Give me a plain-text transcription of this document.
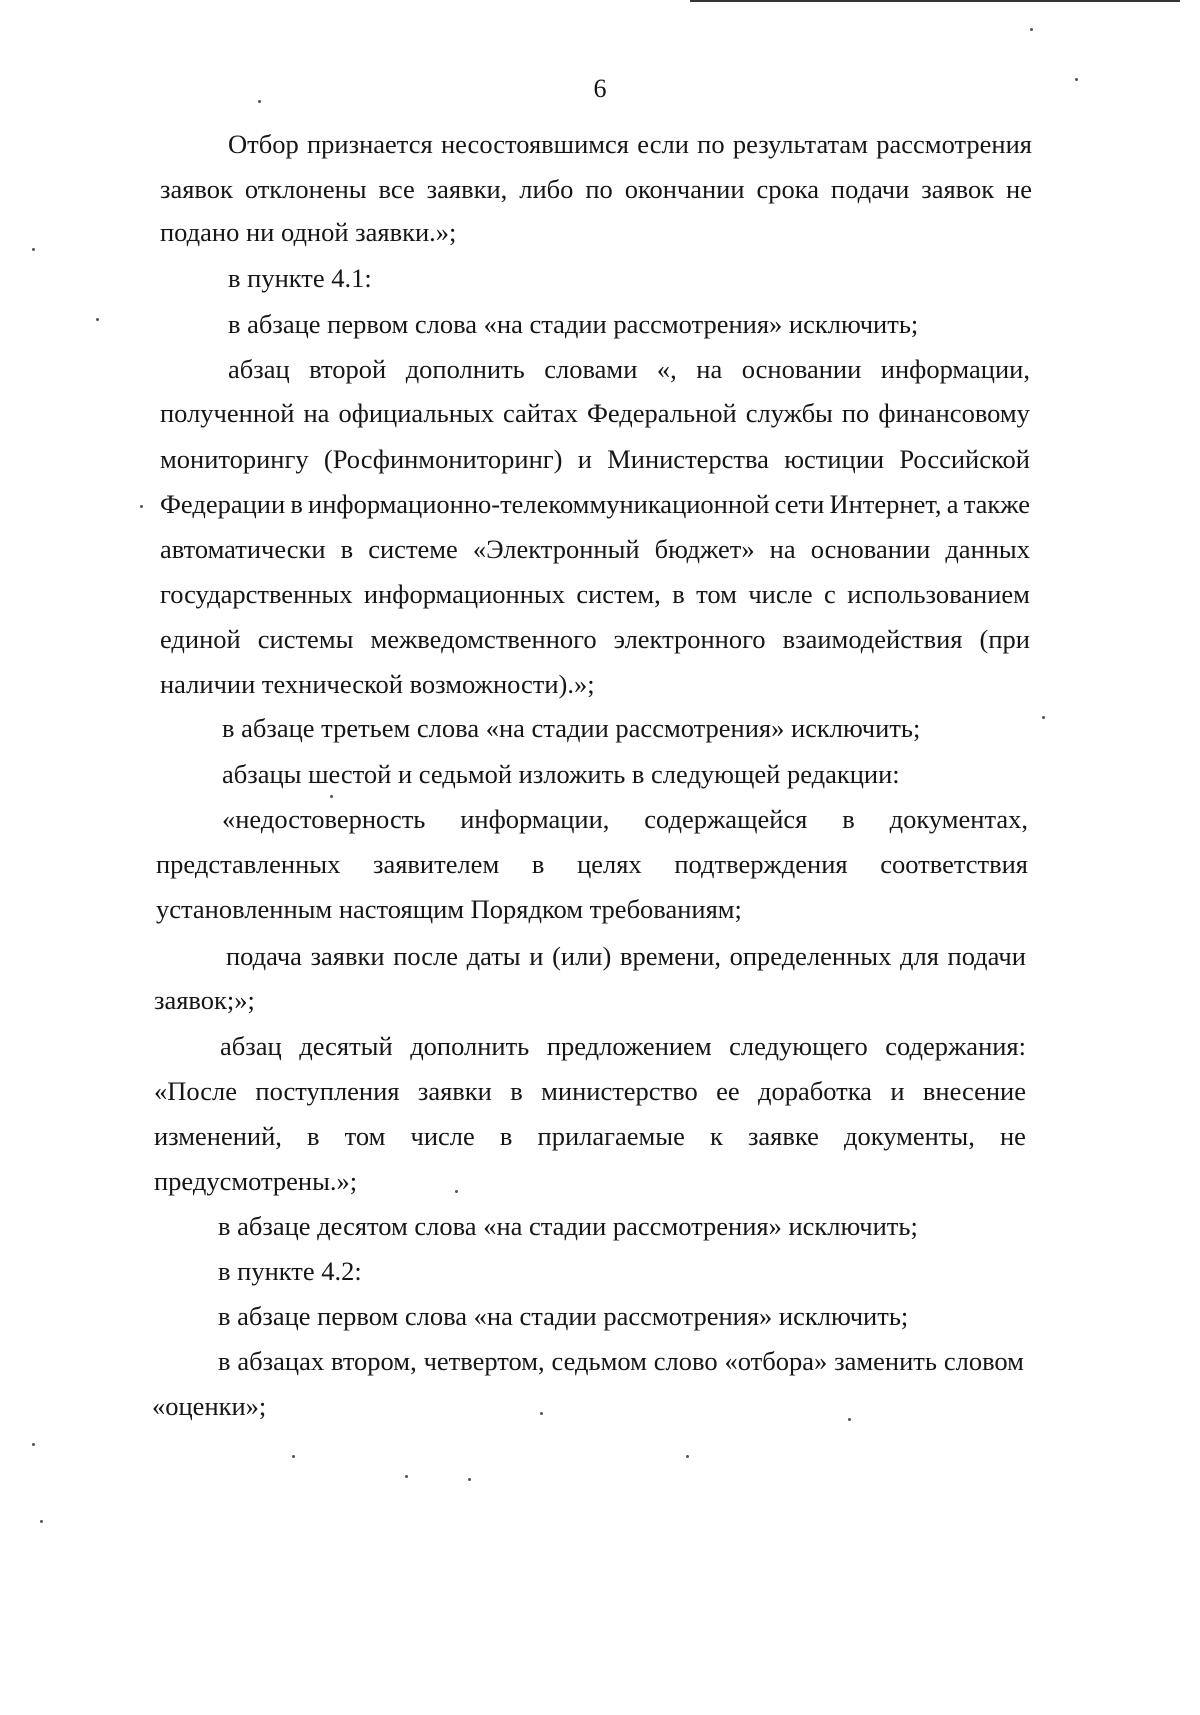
6
Отбор признается несостоявшимся если по результатам рассмотрения
заявок отклонены все заявки, либо по окончании срока подачи заявок не
подано ни одной заявки.»;
в пункте 4.1:
в абзаце первом слова «на стадии рассмотрения» исключить;
абзац второй дополнить словами «, на основании информации,
полученной на официальных сайтах Федеральной службы по финансовому
мониторингу (Росфинмониторинг) и Министерства юстиции Российской
Федерации в информационно-телекоммуникационной сети Интернет, а также
автоматически в системе «Электронный бюджет» на основании данных
государственных информационных систем, в том числе с использованием
единой системы межведомственного электронного взаимодействия (при
наличии технической возможности).»;
в абзаце третьем слова «на стадии рассмотрения» исключить;
абзацы шестой и седьмой изложить в следующей редакции:
«недостоверность информации, содержащейся в документах,
представленных заявителем в целях подтверждения соответствия
установленным настоящим Порядком требованиям;
подача заявки после даты и (или) времени, определенных для подачи
заявок;»;
абзац десятый дополнить предложением следующего содержания:
«После поступления заявки в министерство ее доработка и внесение
изменений, в том числе в прилагаемые к заявке документы, не
предусмотрены.»;
в абзаце десятом слова «на стадии рассмотрения» исключить;
в пункте 4.2:
в абзаце первом слова «на стадии рассмотрения» исключить;
в абзацах втором, четвертом, седьмом слово «отбора» заменить словом
«оценки»;
